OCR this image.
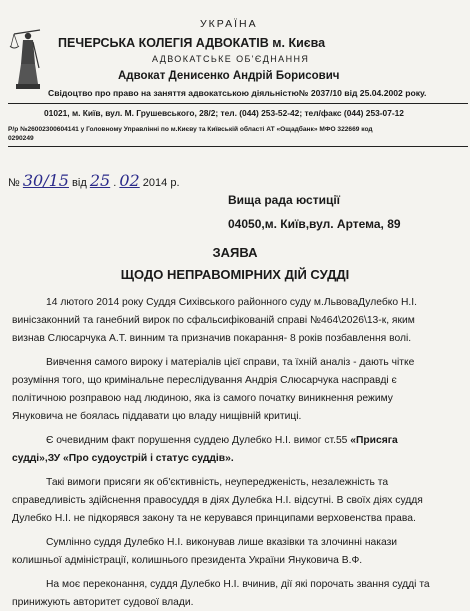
УКРАЇНА
ПЕЧЕРСЬКА КОЛЕГІЯ АДВОКАТІВ м. Києва
АДВОКАТСЬКЕ ОБ'ЄДНАННЯ
Адвокат Денисенко Андрій Борисович
Свідоцтво про право на заняття адвокатською діяльністю№ 2037/10 від 25.04.2002 року.
01021, м. Київ, вул. М. Грушевського, 28/2; тел. (044) 253-52-42; тел/факс (044) 253-07-12
Р/р №26002300604141 у Головному Управлінні по м.Києву та Київській області АТ «Ощадбанк» МФО 322669 код
0290249
№ 30/15 від 25 . 02 2014 р.
Вища рада юстиції
04050,м. Київ,вул. Артема, 89
ЗАЯВА
ЩОДО НЕПРАВОМІРНИХ ДІЙ СУДДІ
14 лютого 2014 року Суддя Сихівського районного суду м.ЛьвоваДулебко Н.І.
винісзаконний та ганебний вирок по сфальсифікованій справі №464\2026\13-к, яким
визнав Слюсарчука А.Т. винним та призначив покарання- 8 років позбавлення волі.
Вивчення самого вироку і матеріалів цієї справи, та їхній аналіз - дають чітке
розуміння того, що кримінальне переслідування Андрія Слюсарчука насправді є
політичною розправою над людиною, яка із самого початку виникнення режиму
Януковича не боялась піддавати цю владу нищівній критиці.
Є очевидним факт порушення суддею Дулебко Н.І. вимог ст.55 «Присяга
судді»,ЗУ «Про судоустрій і статус суддів».
Такі вимоги присяги як об'єктивність, неупередженість, незалежність та
справедливість здійснення правосуддя в діях Дулебка Н.І. відсутні. В своїх діях суддя
Дулебко Н.І. не підкорявся закону та не керувався принципами верховенства права.
Сумлінно суддя Дулебко Н.І. виконував лише вказівки та злочинні накази
колишньої адміністрації, колишнього президента України Януковича В.Ф.
На моє переконання, суддя Дулебко Н.І. вчинив, дії які порочать звання судді та
принижують авторитет судової влади.
